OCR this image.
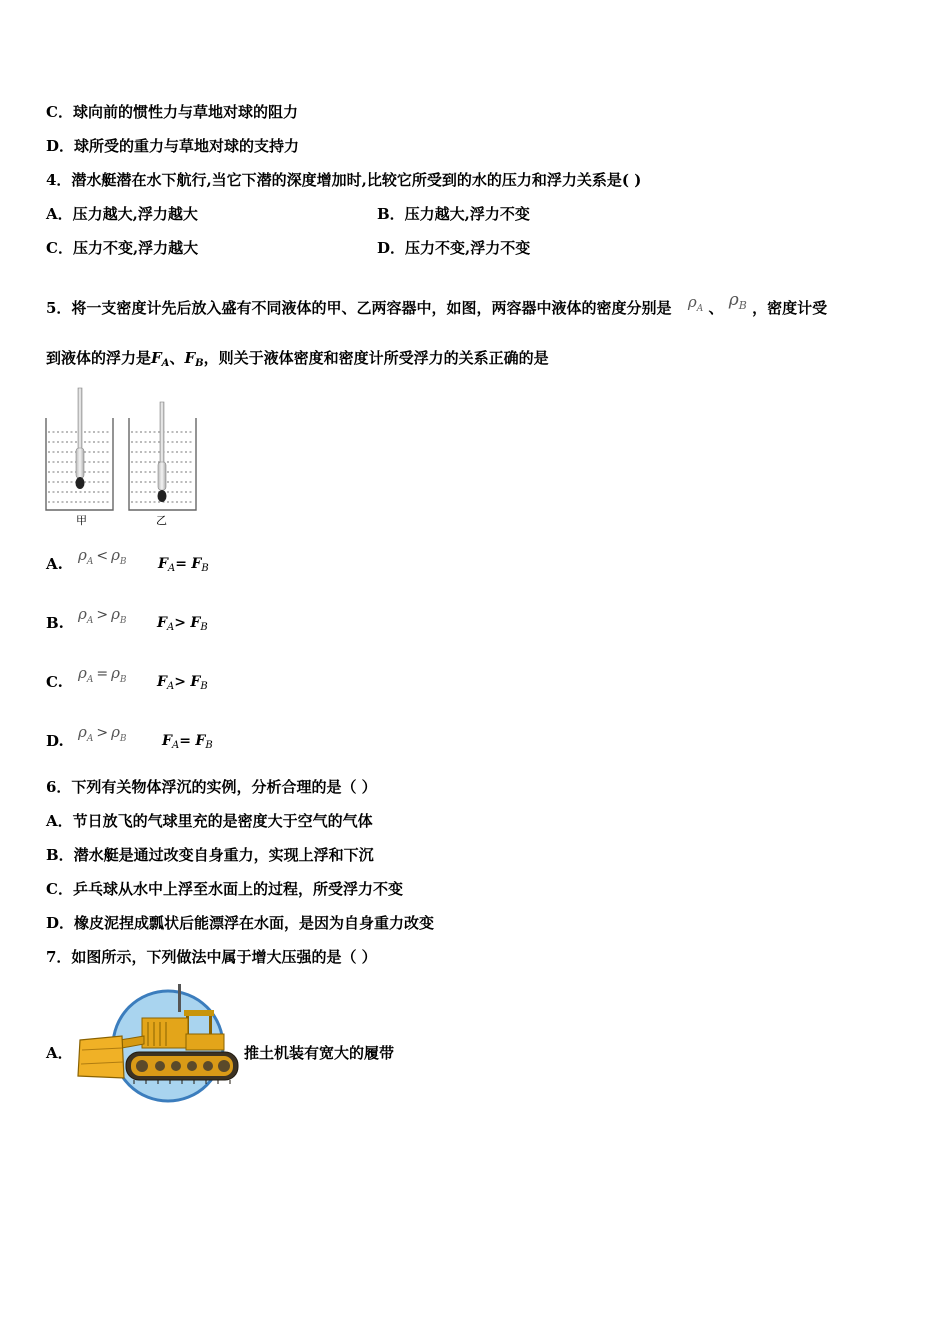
C．球向前的惯性力与草地对球的阻力
D．球所受的重力与草地对球的支持力
4．潜水艇潜在水下航行,当它下潜的深度增加时,比较它所受到的水的压力和浮力关系是( )
A．压力越大,浮力越大	B．压力越大,浮力不变
C．压力不变,浮力越大	D．压力不变,浮力不变
5．将一支密度计先后放入盛有不同液体的甲、乙两容器中，如图，两容器中液体的密度分别是 ρA 、 $\rho^B$ ，密度计受
到液体的浮力是$F_A$、$F_B$，则关于液体密度和密度计所受浮力的关系正确的是
甲	乙
A. $\rho_A < \rho_B$ $F_A= F_B$
B. $\rho_A > \rho_B$ $F_A> F_B$
C. $\rho_A = \rho_B$ $F_A> F_B$
D. $\rho_A > \rho_B$	$F_A= F_B$
6．下列有关物体浮沉的实例，分析合理的是（ ）
A．节日放飞的气球里充的是密度大于空气的气体
B．潜水艇是通过改变自身重力，实现上浮和下沉
C．乒乓球从水中上浮至水面上的过程，所受浮力不变
D．橡皮泥捏成瓢状后能漂浮在水面，是因为自身重力改变
7．如图所示，下列做法中属于增大压强的是（ ）
A．	推土机装有宽大的履带
